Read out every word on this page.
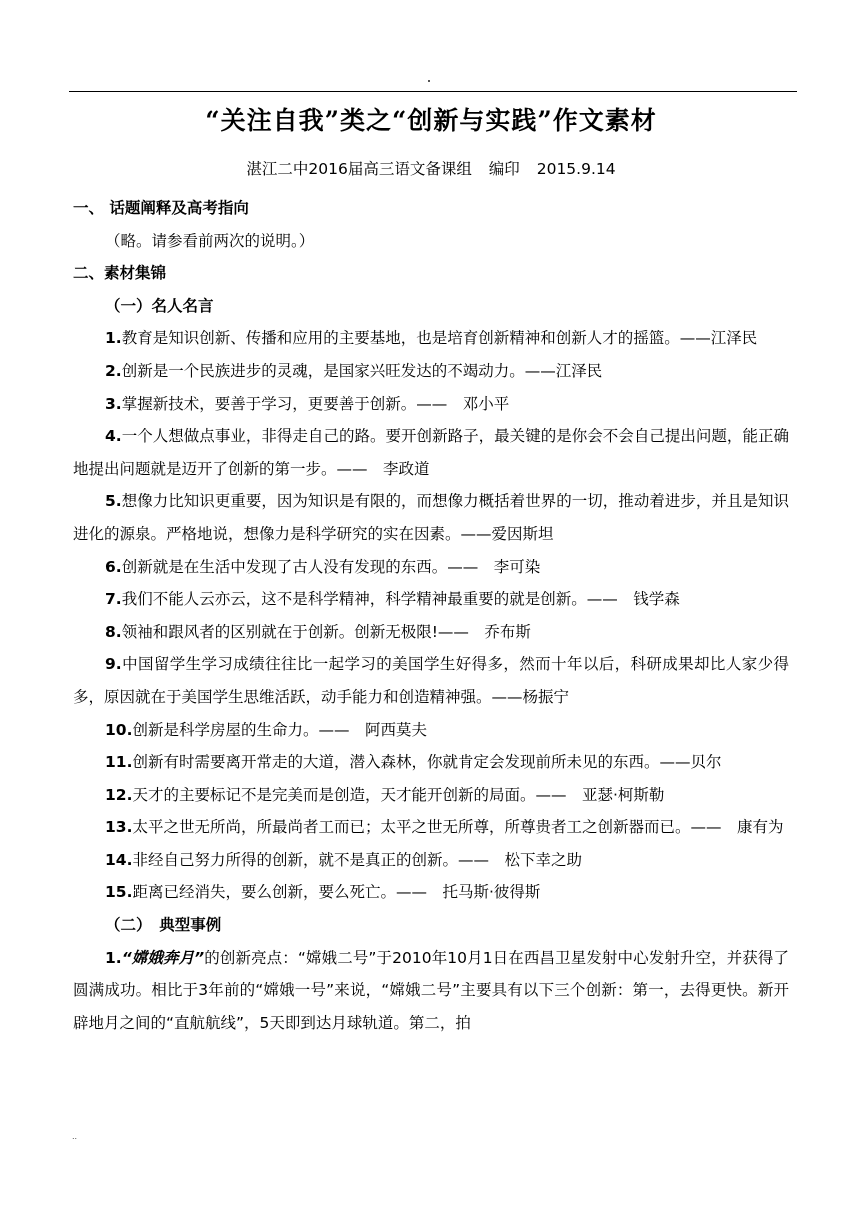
“关注自我”类之“创新与实践”作文素材
湛江二中2016届高三语文备课组 编印 2015.9.14
一、 话题阐释及高考指向
（略。请参看前两次的说明。）
二、素材集锦
（一）名人名言
1.教育是知识创新、传播和应用的主要基地，也是培育创新精神和创新人才的摇篮。——江泽民
2.创新是一个民族进步的灵魂，是国家兴旺发达的不竭动力。——江泽民
3.掌握新技术，要善于学习，更要善于创新。——　邓小平
4.一个人想做点事业，非得走自己的路。要开创新路子，最关键的是你会不会自己提出问题，能正确地提出问题就是迈开了创新的第一步。——　李政道
5.想像力比知识更重要，因为知识是有限的，而想像力概括着世界的一切，推动着进步，并且是知识进化的源泉。严格地说，想像力是科学研究的实在因素。——爱因斯坦
6.创新就是在生活中发现了古人没有发现的东西。——　李可染
7.我们不能人云亦云，这不是科学精神，科学精神最重要的就是创新。——　钱学森
8.领袖和跟风者的区别就在于创新。创新无极限!——　乔布斯
9.中国留学生学习成绩往往比一起学习的美国学生好得多，然而十年以后，科研成果却比人家少得多，原因就在于美国学生思维活跃，动手能力和创造精神强。——杨振宁
10.创新是科学房屋的生命力。——　阿西莫夫
11.创新有时需要离开常走的大道，潜入森林，你就肯定会发现前所未见的东西。——贝尔
12.天才的主要标记不是完美而是创造，天才能开创新的局面。——　亚瑟·柯斯勒
13.太平之世无所尚，所最尚者工而已；太平之世无所尊，所尊贵者工之创新器而已。——　康有为
14.非经自己努力所得的创新，就不是真正的创新。——　松下幸之助
15.距离已经消失，要么创新，要么死亡。——　托马斯·彼得斯
（二）　典型事例
1.“嫦娥奔月”的创新亮点：“嫦娥二号”于2010年10月1日在西昌卫星发射中心发射升空，并获得了圆满成功。相比于3年前的“嫦娥一号”来说，“嫦娥二号”主要具有以下三个创新：第一，去得更快。新开辟地月之间的“直航航线”，5天即到达月球轨道。第二，拍
..
